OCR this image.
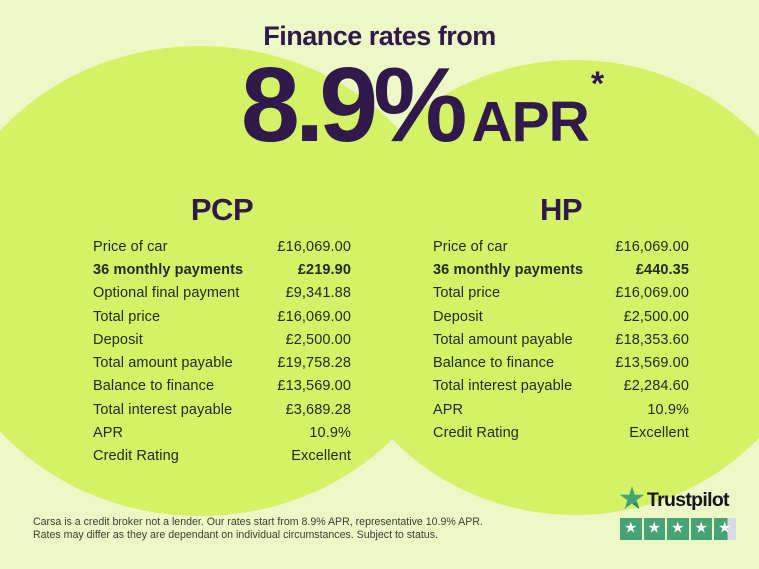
Finance rates from
8.9% APR*
PCP
Price of car	£16,069.00
36 monthly payments	£219.90
Optional final payment	£9,341.88
Total price	£16,069.00
Deposit	£2,500.00
Total amount payable	£19,758.28
Balance to finance	£13,569.00
Total interest payable	£3,689.28
APR	10.9%
Credit Rating	Excellent
HP
Price of car	£16,069.00
36 monthly payments	£440.35
Total price	£16,069.00
Deposit	£2,500.00
Total amount payable	£18,353.60
Balance to finance	£13,569.00
Total interest payable	£2,284.60
APR	10.9%
Credit Rating	Excellent
Carsa is a credit broker not a lender. Our rates start from 8.9% APR, representative 10.9% APR.
Rates may differ as they are dependant on individual circumstances. Subject to status.
Trustpilot
★ ★ ★ ★ ★
